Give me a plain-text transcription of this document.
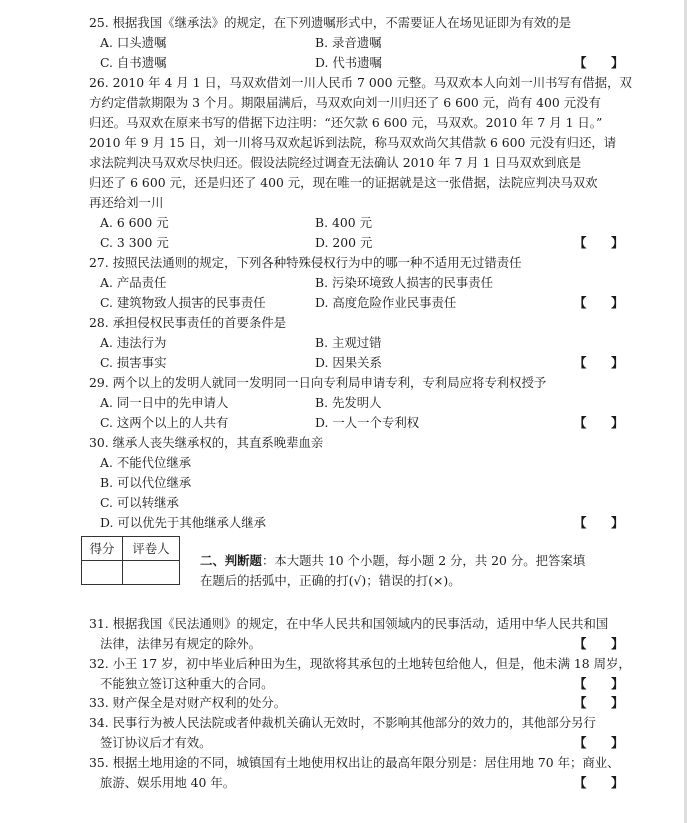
25. 根据我国《继承法》的规定，在下列遗嘱形式中，不需要证人在场见证即为有效的是
A. 口头遗嘱	B. 录音遗嘱
C. 自书遗嘱	D. 代书遗嘱	【　　】
26. 2010 年 4 月 1 日，马双欢借刘一川人民币 7 000 元整。马双欢本人向刘一川书写有借据，双
方约定借款期限为 3 个月。期限届满后，马双欢向刘一川归还了 6 600 元，尚有 400 元没有
归还。马双欢在原来书写的借据下边注明：“还欠款 6 600 元，马双欢。2010 年 7 月 1 日。”
2010 年 9 月 15 日，刘一川将马双欢起诉到法院，称马双欢尚欠其借款 6 600 元没有归还，请
求法院判决马双欢尽快归还。假设法院经过调查无法确认 2010 年 7 月 1 日马双欢到底是
归还了 6 600 元，还是归还了 400 元，现在唯一的证据就是这一张借据，法院应判决马双欢
再还给刘一川
A. 6 600 元	B. 400 元
C. 3 300 元	D. 200 元	【　　】
27. 按照民法通则的规定，下列各种特殊侵权行为中的哪一种不适用无过错责任
A. 产品责任	B. 污染环境致人损害的民事责任
C. 建筑物致人损害的民事责任	D. 高度危险作业民事责任	【　　】
28. 承担侵权民事责任的首要条件是
A. 违法行为	B. 主观过错
C. 损害事实	D. 因果关系	【　　】
29. 两个以上的发明人就同一发明同一日向专利局申请专利，专利局应将专利权授予
A. 同一日中的先申请人	B. 先发明人
C. 这两个以上的人共有	D. 一人一个专利权	【　　】
30. 继承人丧失继承权的，其直系晚辈血亲
A. 不能代位继承
B. 可以代位继承
C. 可以转继承
D. 可以优先于其他继承人继承	【　　】
得分	评卷人

二、判断题：本大题共 10 个小题，每小题 2 分，共 20 分。把答案填
在题后的括弧中，正确的打(√)；错误的打(×)。
31. 根据我国《民法通则》的规定，在中华人民共和国领域内的民事活动，适用中华人民共和国
法律，法律另有规定的除外。	【　　】
32. 小王 17 岁，初中毕业后种田为生，现欲将其承包的土地转包给他人，但是，他未满 18 周岁，
不能独立签订这种重大的合同。	【　　】
33. 财产保全是对财产权利的处分。	【　　】
34. 民事行为被人民法院或者仲裁机关确认无效时，不影响其他部分的效力的，其他部分另行
签订协议后才有效。	【　　】
35. 根据土地用途的不同，城镇国有土地使用权出让的最高年限分别是：居住用地 70 年；商业、
旅游、娱乐用地 40 年。	【　　】
